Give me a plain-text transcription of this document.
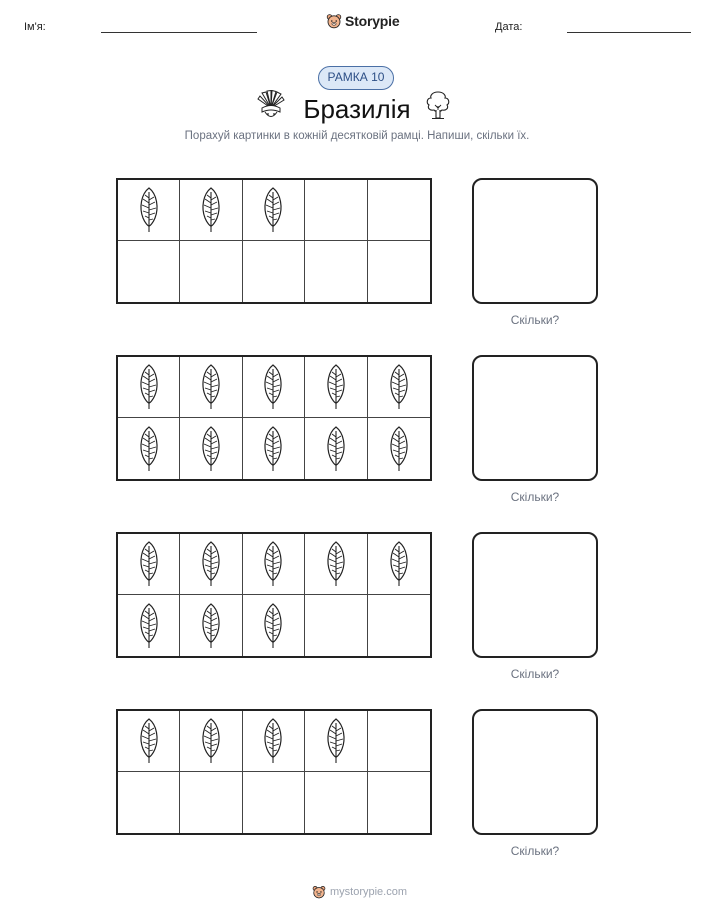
Ім'я:	Storypie	Дата:
РАМКА 10
Бразилія
Порахуй картинки в кожній десятковій рамці. Напиши, скільки їх.
Скільки?
Скільки?
Скільки?
Скільки?
mystorypie.com
